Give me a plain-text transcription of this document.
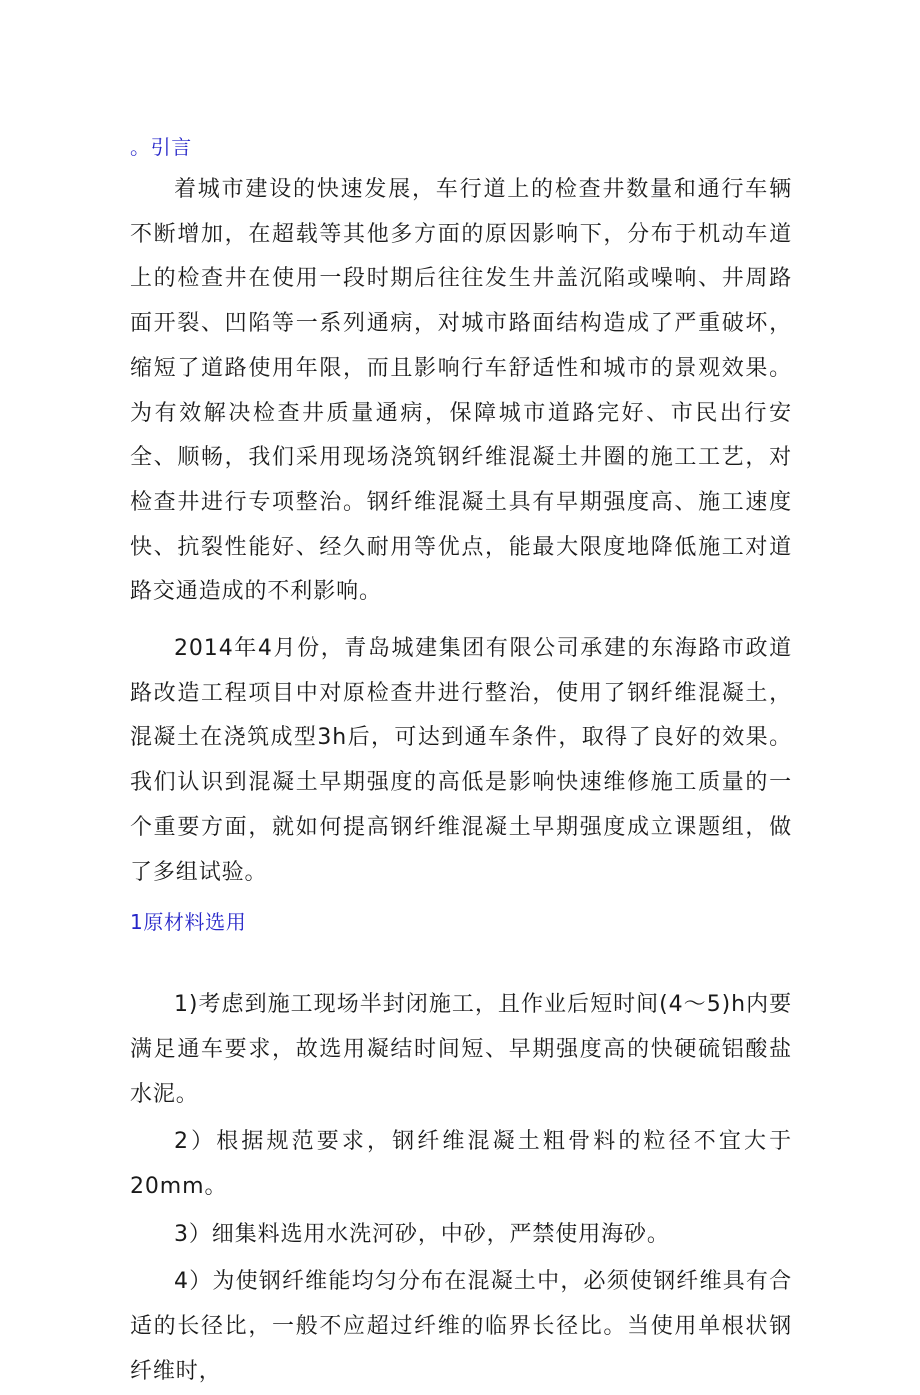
。引言

着城市建设的快速发展，车行道上的检查井数量和通行车辆不断增加，在超载等其他多方面的原因影响下，分布于机动车道上的检查井在使用一段时期后往往发生井盖沉陷或噪响、井周路面开裂、凹陷等一系列通病，对城市路面结构造成了严重破坏，缩短了道路使用年限，而且影响行车舒适性和城市的景观效果。为有效解决检查井质量通病，保障城市道路完好、市民出行安全、顺畅，我们采用现场浇筑钢纤维混凝土井圈的施工工艺，对检查井进行专项整治。钢纤维混凝土具有早期强度高、施工速度快、抗裂性能好、经久耐用等优点，能最大限度地降低施工对道路交通造成的不利影响。

2014年4月份，青岛城建集团有限公司承建的东海路市政道路改造工程项目中对原检查井进行整治，使用了钢纤维混凝土，混凝土在浇筑成型3h后，可达到通车条件，取得了良好的效果。我们认识到混凝土早期强度的高低是影响快速维修施工质量的一个重要方面，就如何提高钢纤维混凝土早期强度成立课题组，做了多组试验。

1原材料选用

1)考虑到施工现场半封闭施工，且作业后短时间(4～5)h内要满足通车要求，故选用凝结时间短、早期强度高的快硬硫铝酸盐水泥。

2）根据规范要求，钢纤维混凝土粗骨料的粒径不宜大于20mm。

3）细集料选用水洗河砂，中砂，严禁使用海砂。

4）为使钢纤维能均匀分布在混凝土中，必须使钢纤维具有合适的长径比，一般不应超过纤维的临界长径比。当使用单根状钢纤维时，
